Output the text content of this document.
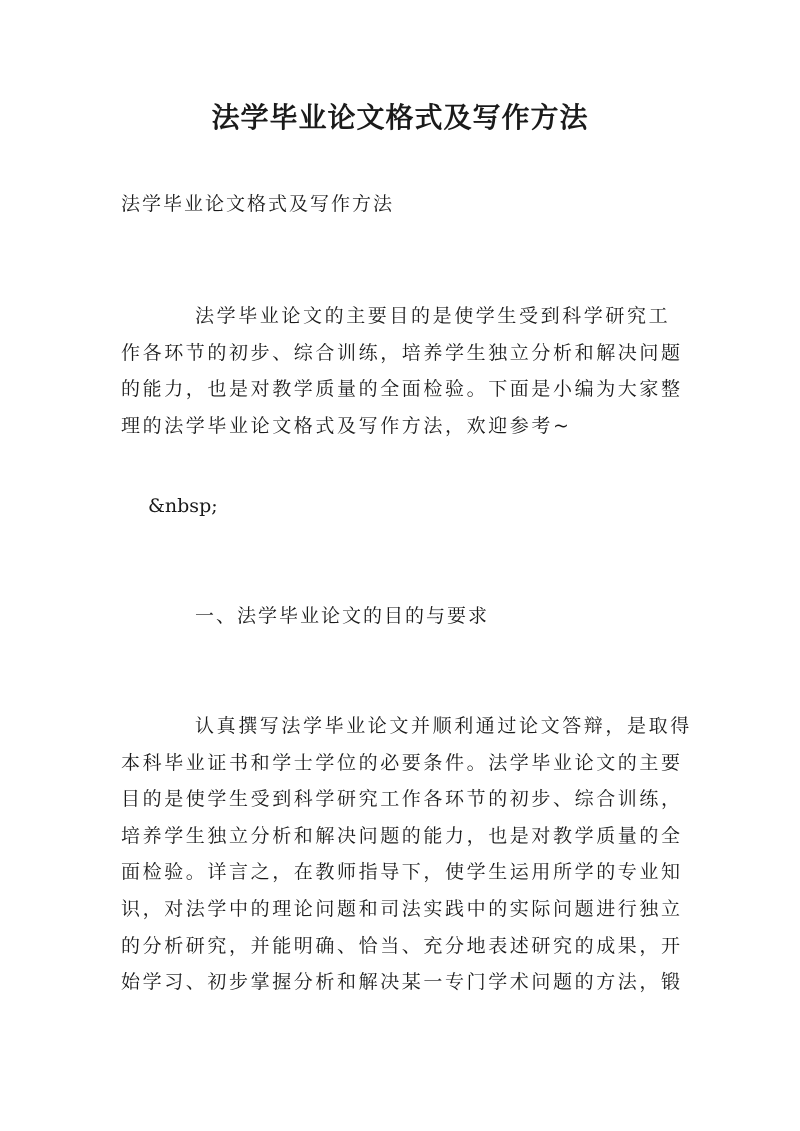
法学毕业论文格式及写作方法
法学毕业论文格式及写作方法
法学毕业论文的主要目的是使学生受到科学研究工
作各环节的初步、综合训练，培养学生独立分析和解决问题
的能力，也是对教学质量的全面检验。下面是小编为大家整
理的法学毕业论文格式及写作方法，欢迎参考~
&nbsp;
一、法学毕业论文的目的与要求
认真撰写法学毕业论文并顺利通过论文答辩，是取得
本科毕业证书和学士学位的必要条件。法学毕业论文的主要
目的是使学生受到科学研究工作各环节的初步、综合训练，
培养学生独立分析和解决问题的能力，也是对教学质量的全
面检验。详言之，在教师指导下，使学生运用所学的专业知
识，对法学中的理论问题和司法实践中的实际问题进行独立
的分析研究，并能明确、恰当、充分地表述研究的成果，开
始学习、初步掌握分析和解决某一专门学术问题的方法，锻
